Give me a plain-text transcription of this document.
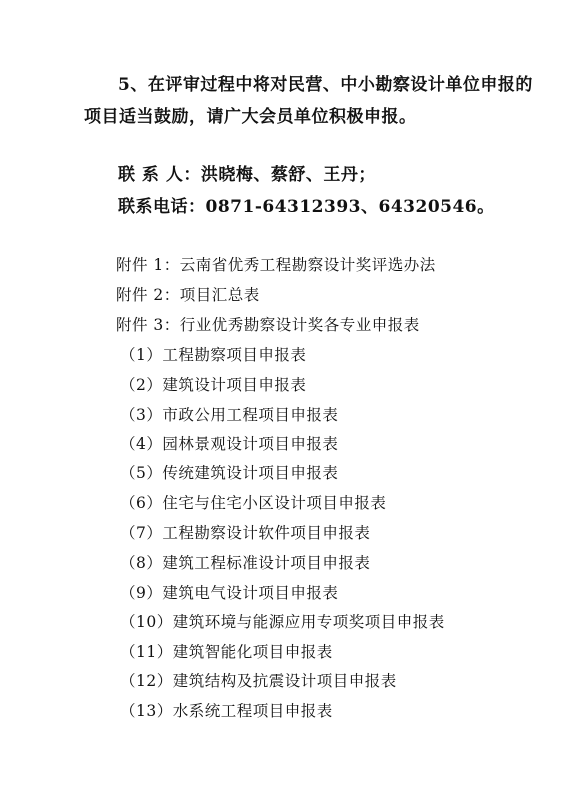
5、在评审过程中将对民营、中小勘察设计单位申报的
项目适当鼓励，请广大会员单位积极申报。
联 系 人：洪晓梅、蔡舒、王丹；
联系电话：0871-64312393、64320546。
附件 1：云南省优秀工程勘察设计奖评选办法
附件 2：项目汇总表
附件 3：行业优秀勘察设计奖各专业申报表
（1）工程勘察项目申报表
（2）建筑设计项目申报表
（3）市政公用工程项目申报表
（4）园林景观设计项目申报表
（5）传统建筑设计项目申报表
（6）住宅与住宅小区设计项目申报表
（7）工程勘察设计软件项目申报表
（8）建筑工程标准设计项目申报表
（9）建筑电气设计项目申报表
（10）建筑环境与能源应用专项奖项目申报表
（11）建筑智能化项目申报表
（12）建筑结构及抗震设计项目申报表
（13）水系统工程项目申报表
